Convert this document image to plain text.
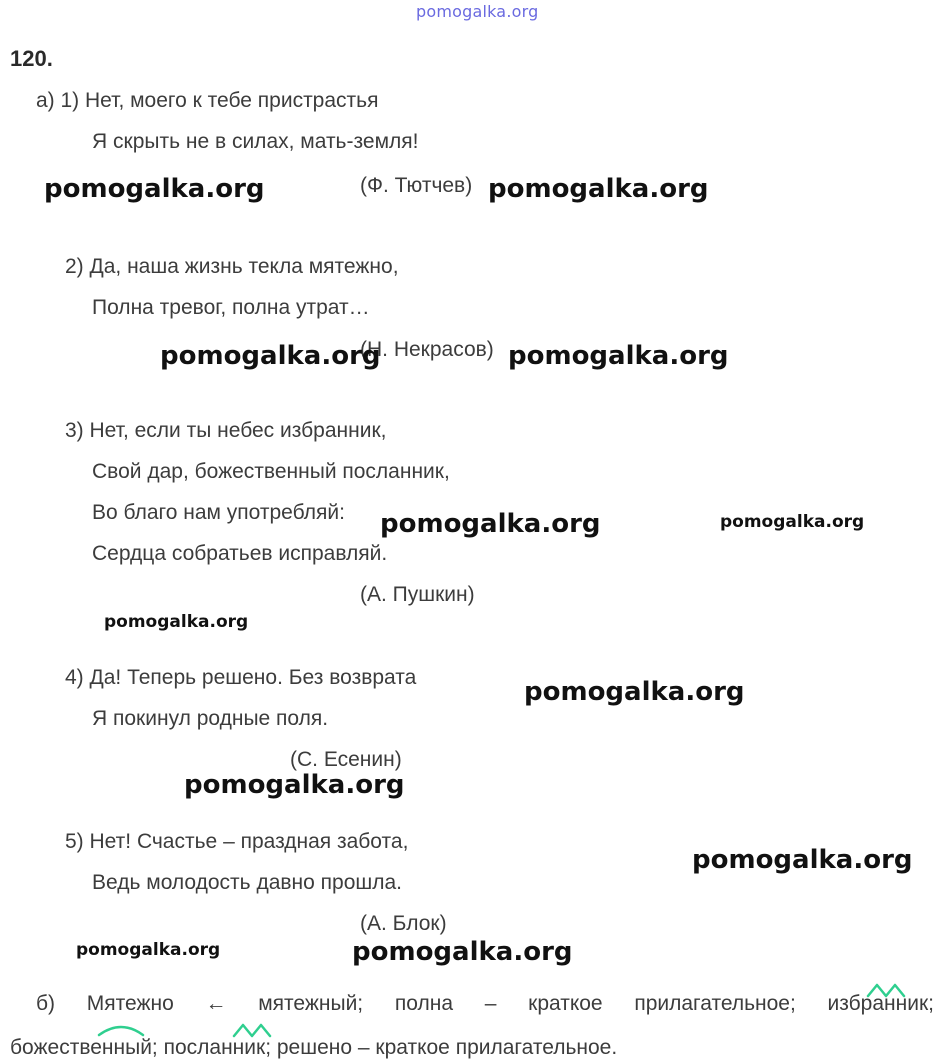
pomogalka.org
120.
а) 1) Нет, моего к тебе пристрастья
Я скрыть не в силах, мать-земля!
(Ф. Тютчев)
2) Да, наша жизнь текла мятежно,
Полна тревог, полна утрат…
(Н. Некрасов)
3) Нет, если ты небес избранник,
Свой дар, божественный посланник,
Во благо нам употребляй:
Сердца собратьев исправляй.
(А. Пушкин)
4) Да! Теперь решено. Без возврата
Я покинул родные поля.
(С. Есенин)
5) Нет! Счастье – праздная забота,
Ведь молодость давно прошла.
(А. Блок)
б) Мятежно ← мятежный; полна – краткое прилагательное; избранник;
божественный; посланник; решено – краткое прилагательное.
pomogalka.org	pomogalka.org
pomogalka.org	pomogalka.org
pomogalka.org	pomogalka.org
pomogalka.org
pomogalka.org
pomogalka.org
pomogalka.org
pomogalka.org	pomogalka.org
